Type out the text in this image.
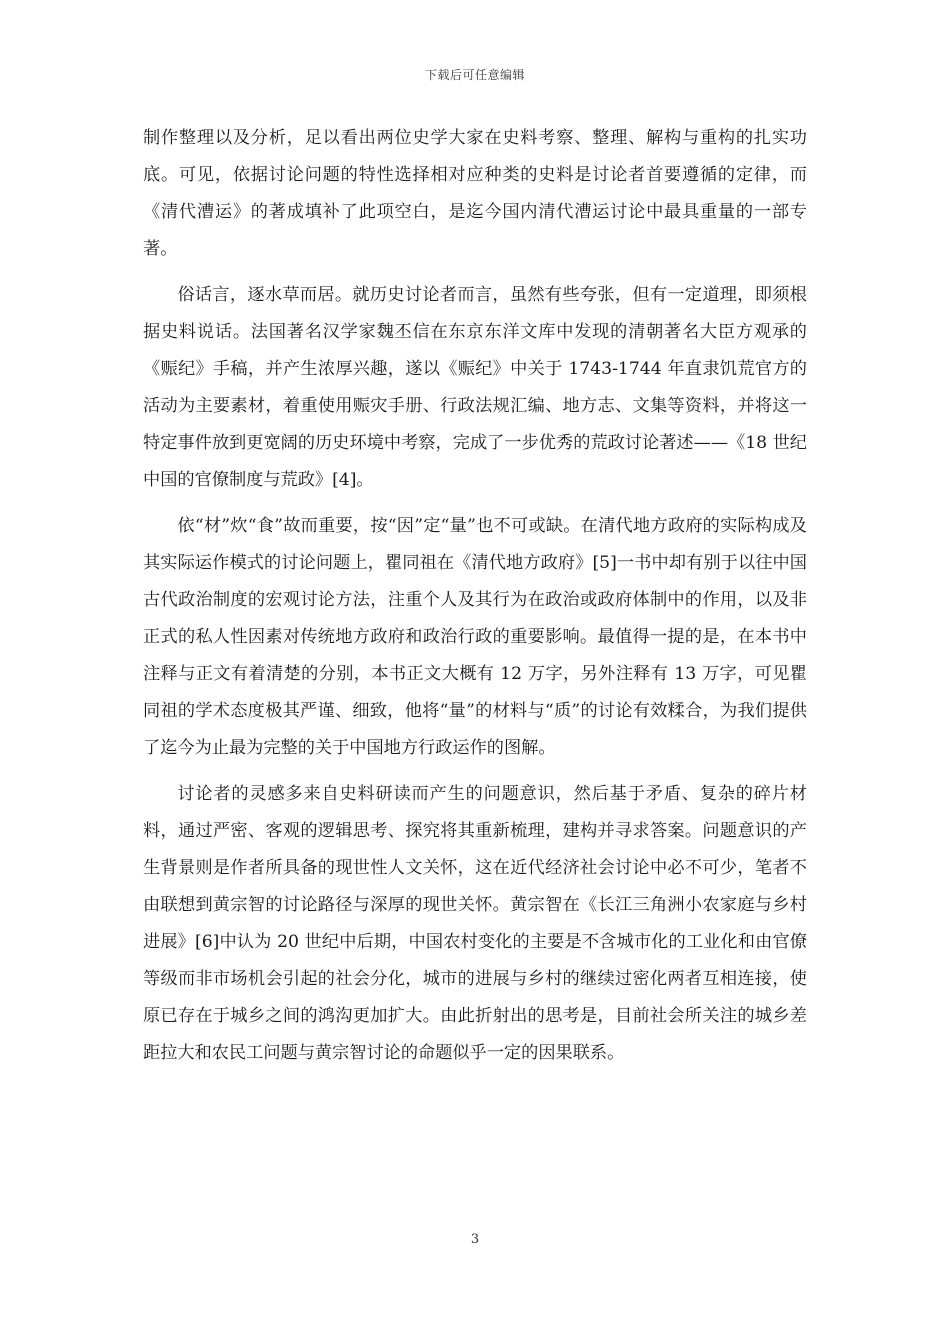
下载后可任意编辑

制作整理以及分析，足以看出两位史学大家在史料考察、整理、解构与重构的扎实功底。可见，依据讨论问题的特性选择相对应种类的史料是讨论者首要遵循的定律，而《清代漕运》的著成填补了此项空白，是迄今国内清代漕运讨论中最具重量的一部专著。

俗话言，逐水草而居。就历史讨论者而言，虽然有些夸张，但有一定道理，即须根据史料说话。法国著名汉学家魏丕信在东京东洋文库中发现的清朝著名大臣方观承的《赈纪》手稿，并产生浓厚兴趣，遂以《赈纪》中关于 1743-1744 年直隶饥荒官方的活动为主要素材，着重使用赈灾手册、行政法规汇编、地方志、文集等资料，并将这一特定事件放到更宽阔的历史环境中考察，完成了一步优秀的荒政讨论著述——《18 世纪中国的官僚制度与荒政》[4]。

依“材”炊“食”故而重要，按“因”定“量”也不可或缺。在清代地方政府的实际构成及其实际运作模式的讨论问题上，瞿同祖在《清代地方政府》[5]一书中却有别于以往中国古代政治制度的宏观讨论方法，注重个人及其行为在政治或政府体制中的作用，以及非正式的私人性因素对传统地方政府和政治行政的重要影响。最值得一提的是，在本书中注释与正文有着清楚的分别，本书正文大概有 12 万字，另外注释有 13 万字，可见瞿同祖的学术态度极其严谨、细致，他将“量”的材料与“质”的讨论有效糅合，为我们提供了迄今为止最为完整的关于中国地方行政运作的图解。

讨论者的灵感多来自史料研读而产生的问题意识，然后基于矛盾、复杂的碎片材料，通过严密、客观的逻辑思考、探究将其重新梳理，建构并寻求答案。问题意识的产生背景则是作者所具备的现世性人文关怀，这在近代经济社会讨论中必不可少，笔者不由联想到黄宗智的讨论路径与深厚的现世关怀。黄宗智在《长江三角洲小农家庭与乡村进展》[6]中认为 20 世纪中后期，中国农村变化的主要是不含城市化的工业化和由官僚等级而非市场机会引起的社会分化，城市的进展与乡村的继续过密化两者互相连接，使原已存在于城乡之间的鸿沟更加扩大。由此折射出的思考是，目前社会所关注的城乡差距拉大和农民工问题与黄宗智讨论的命题似乎一定的因果联系。

3
